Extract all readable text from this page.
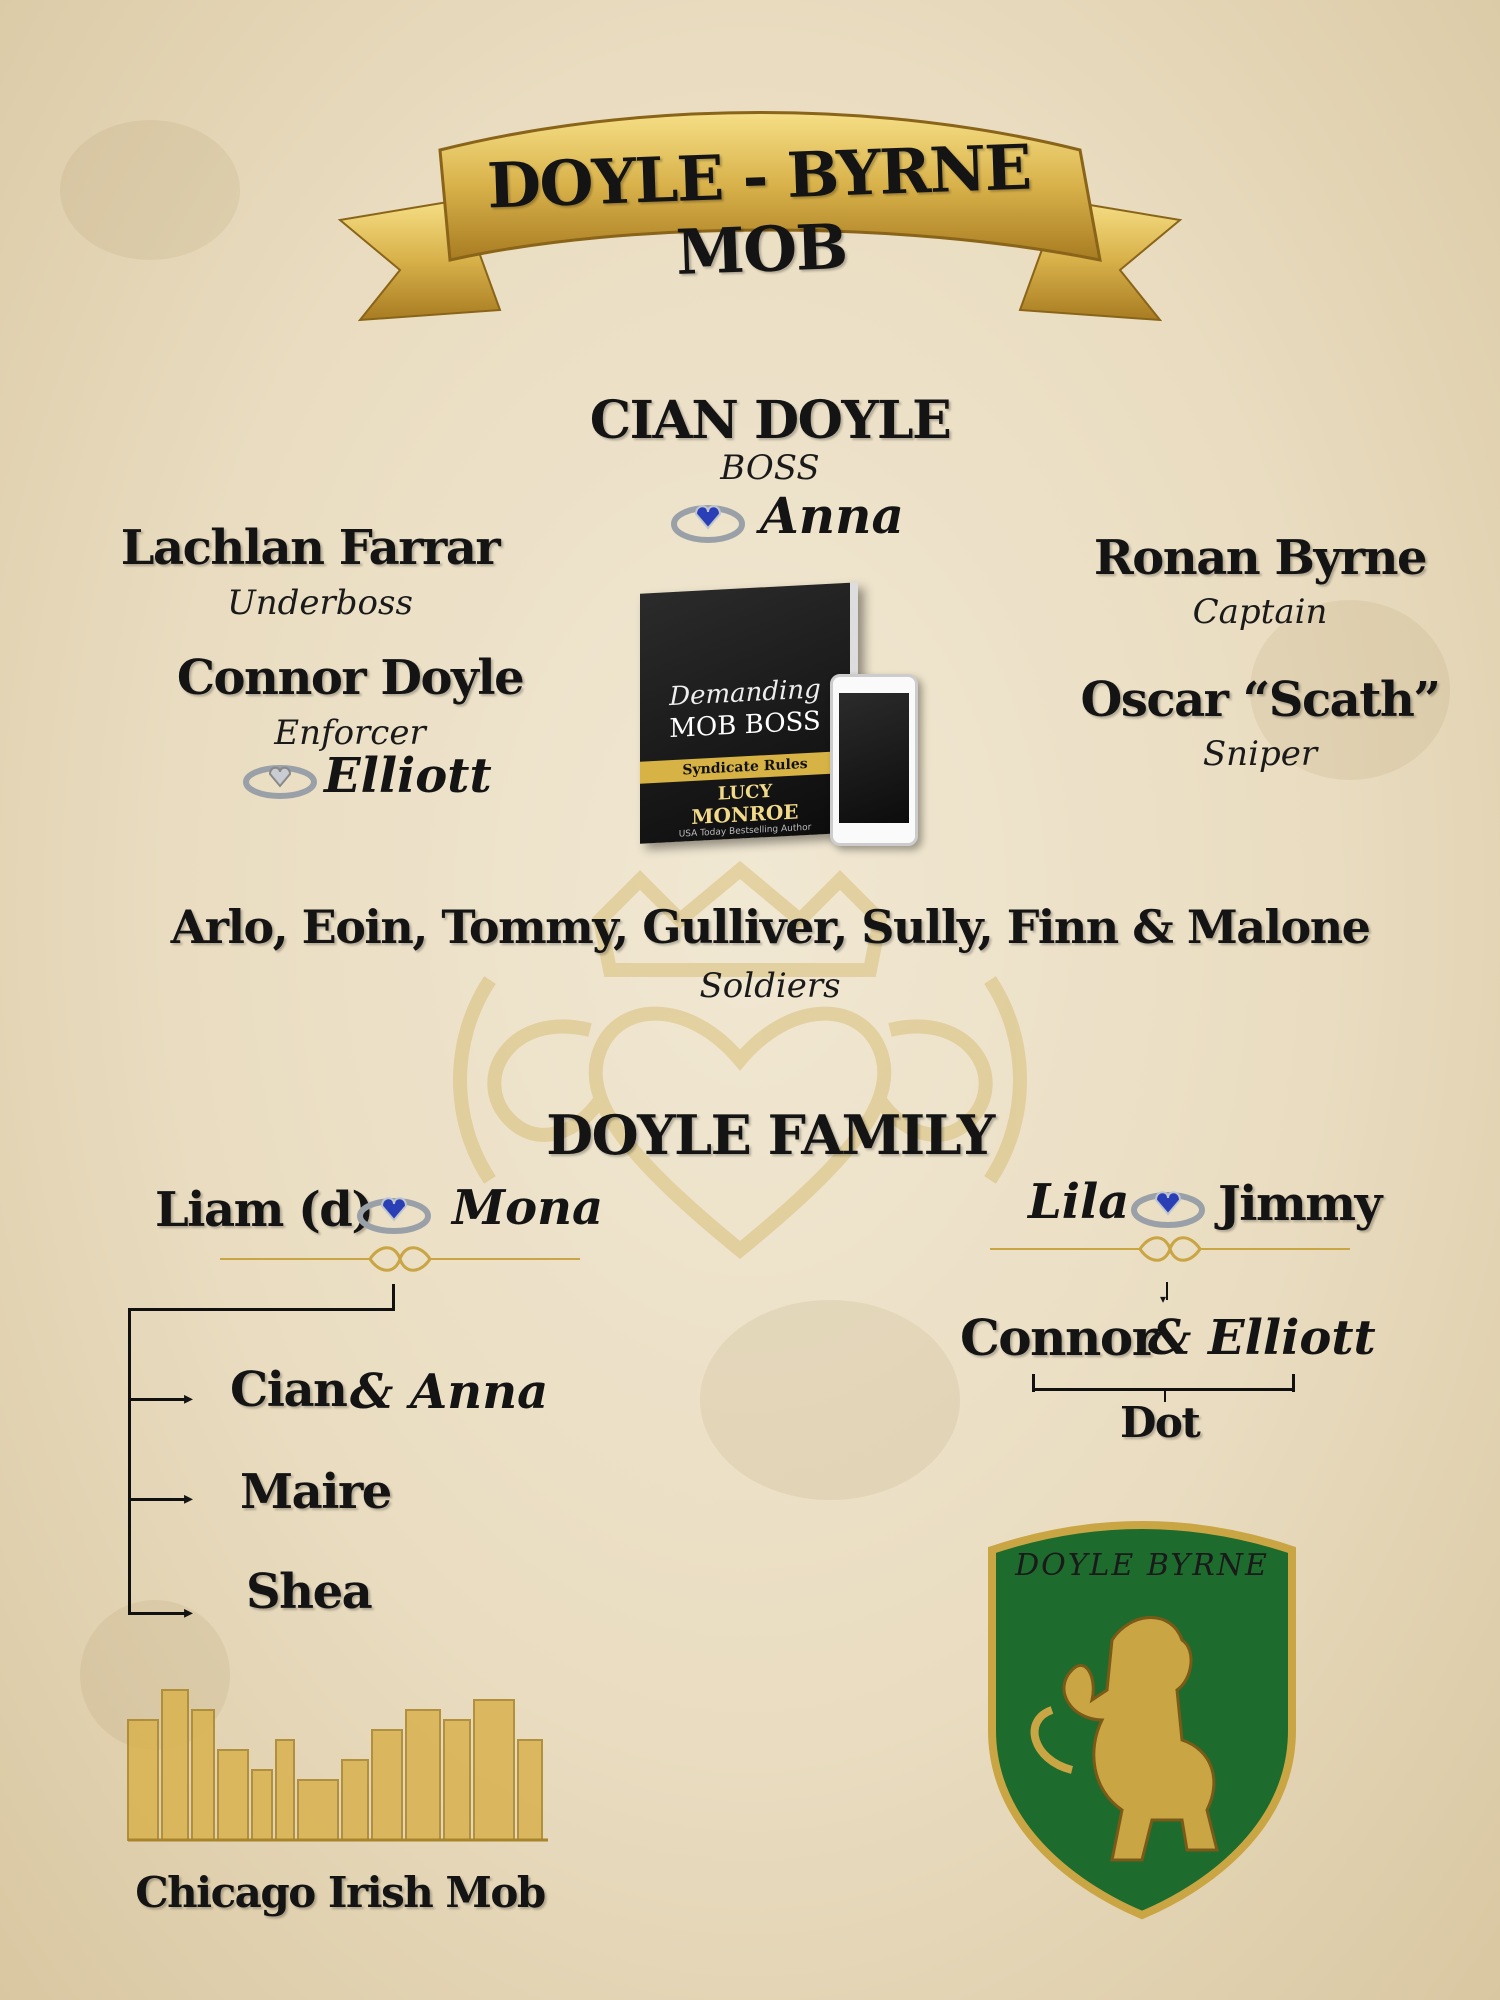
DOYLE - BYRNE MOB
CIAN DOYLE
BOSS
Anna
Demanding
MOB BOSS
Syndicate Rules
LUCY
MONROE
USA Today Bestselling Author
Lachlan Farrar
Underboss
Connor Doyle
Enforcer
Elliott
Ronan Byrne
Captain
Oscar “Scath”
Sniper
Arlo, Eoin, Tommy, Gulliver, Sully, Finn & Malone
Soldiers
DOYLE FAMILY
Liam (d) Mona
▸
▸
▸
Cian & Anna
Maire
Shea
Lila Jimmy
▾
Connor
& Elliott
Dot
DOYLE BYRNE
Chicago Irish Mob
